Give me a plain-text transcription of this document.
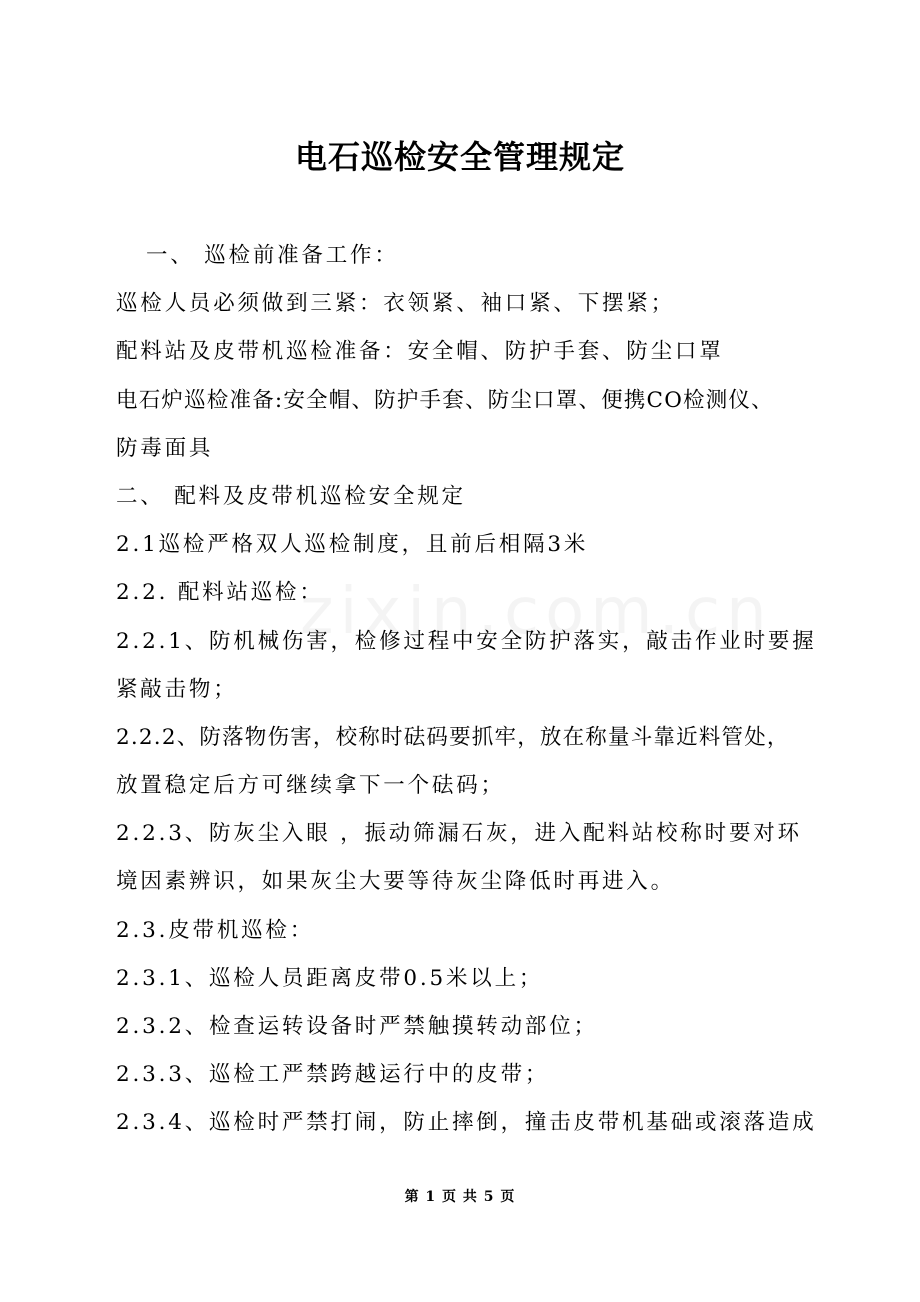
电石巡检安全管理规定

一、 巡检前准备工作：

巡检人员必须做到三紧：衣领紧、袖口紧、下摆紧；

配料站及皮带机巡检准备：安全帽、防护手套、防尘口罩

电石炉巡检准备:安全帽、防护手套、防尘口罩、便携CO检测仪、

防毒面具

二、 配料及皮带机巡检安全规定

2.1巡检严格双人巡检制度，且前后相隔3米

2.2. 配料站巡检：

2.2.1、防机械伤害，检修过程中安全防护落实，敲击作业时要握

紧敲击物；

2.2.2、防落物伤害，校称时砝码要抓牢，放在称量斗靠近料管处，

放置稳定后方可继续拿下一个砝码；

2.2.3、防灰尘入眼 ，振动筛漏石灰，进入配料站校称时要对环

境因素辨识，如果灰尘大要等待灰尘降低时再进入。

2.3.皮带机巡检：

2.3.1、巡检人员距离皮带0.5米以上；

2.3.2、检查运转设备时严禁触摸转动部位；

2.3.3、巡检工严禁跨越运行中的皮带；

2.3.4、巡检时严禁打闹，防止摔倒，撞击皮带机基础或滚落造成

第 1 页 共 5 页
